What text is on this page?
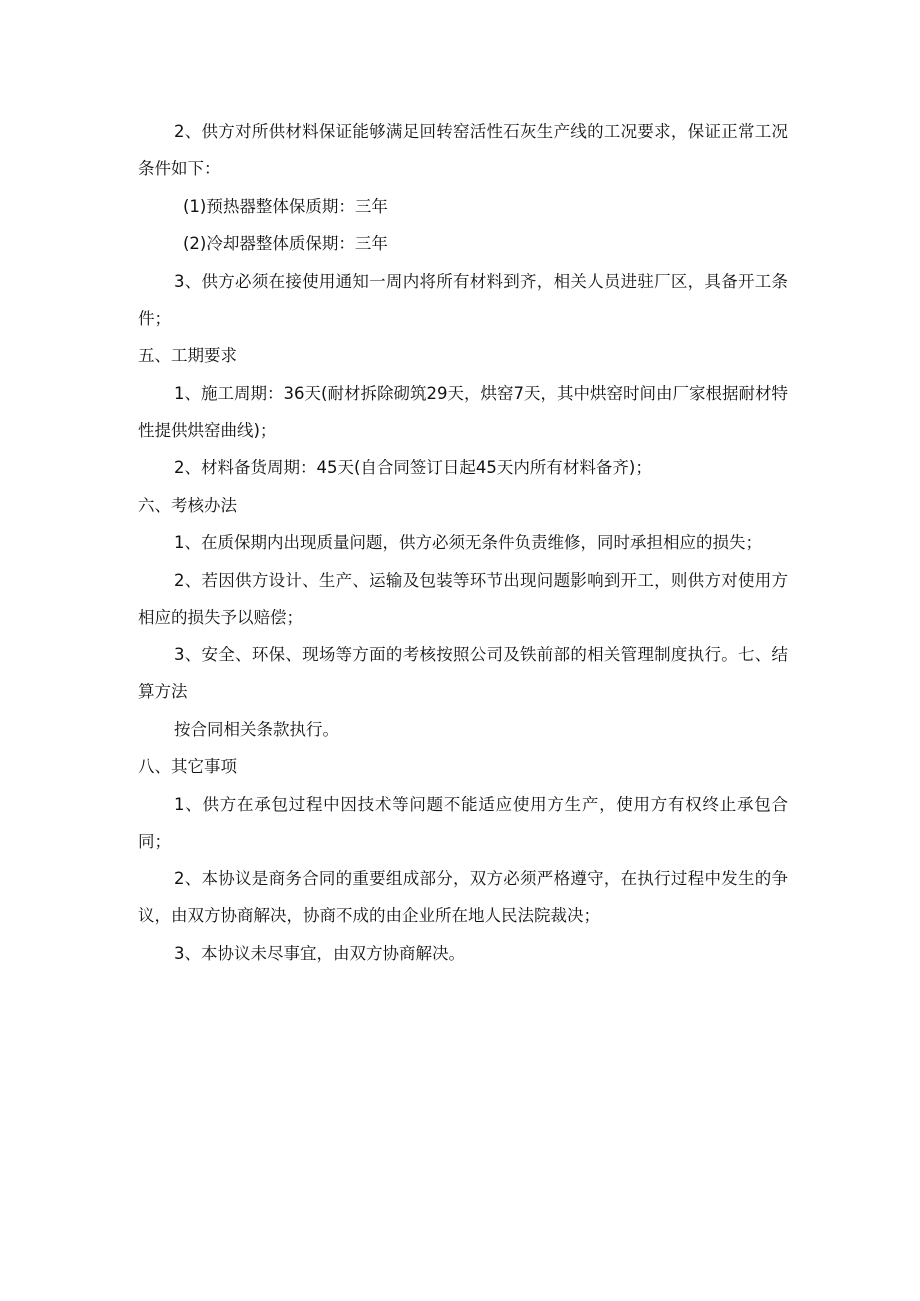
2、供方对所供材料保证能够满足回转窑活性石灰生产线的工况要求，保证正常工况条件如下：

(1)预热器整体保质期：三年

(2)冷却器整体质保期：三年

3、供方必须在接使用通知一周内将所有材料到齐，相关人员进驻厂区，具备开工条件；

五、工期要求

1、施工周期：36天(耐材拆除砌筑29天，烘窑7天，其中烘窑时间由厂家根据耐材特性提供烘窑曲线)；

2、材料备货周期：45天(自合同签订日起45天内所有材料备齐)；

六、考核办法

1、在质保期内出现质量问题，供方必须无条件负责维修，同时承担相应的损失；

2、若因供方设计、生产、运输及包装等环节出现问题影响到开工，则供方对使用方相应的损失予以赔偿；

3、安全、环保、现场等方面的考核按照公司及铁前部的相关管理制度执行。七、结算方法

按合同相关条款执行。

八、其它事项

1、供方在承包过程中因技术等问题不能适应使用方生产，使用方有权终止承包合同；

2、本协议是商务合同的重要组成部分，双方必须严格遵守，在执行过程中发生的争议，由双方协商解决，协商不成的由企业所在地人民法院裁决；

3、本协议未尽事宜，由双方协商解决。
